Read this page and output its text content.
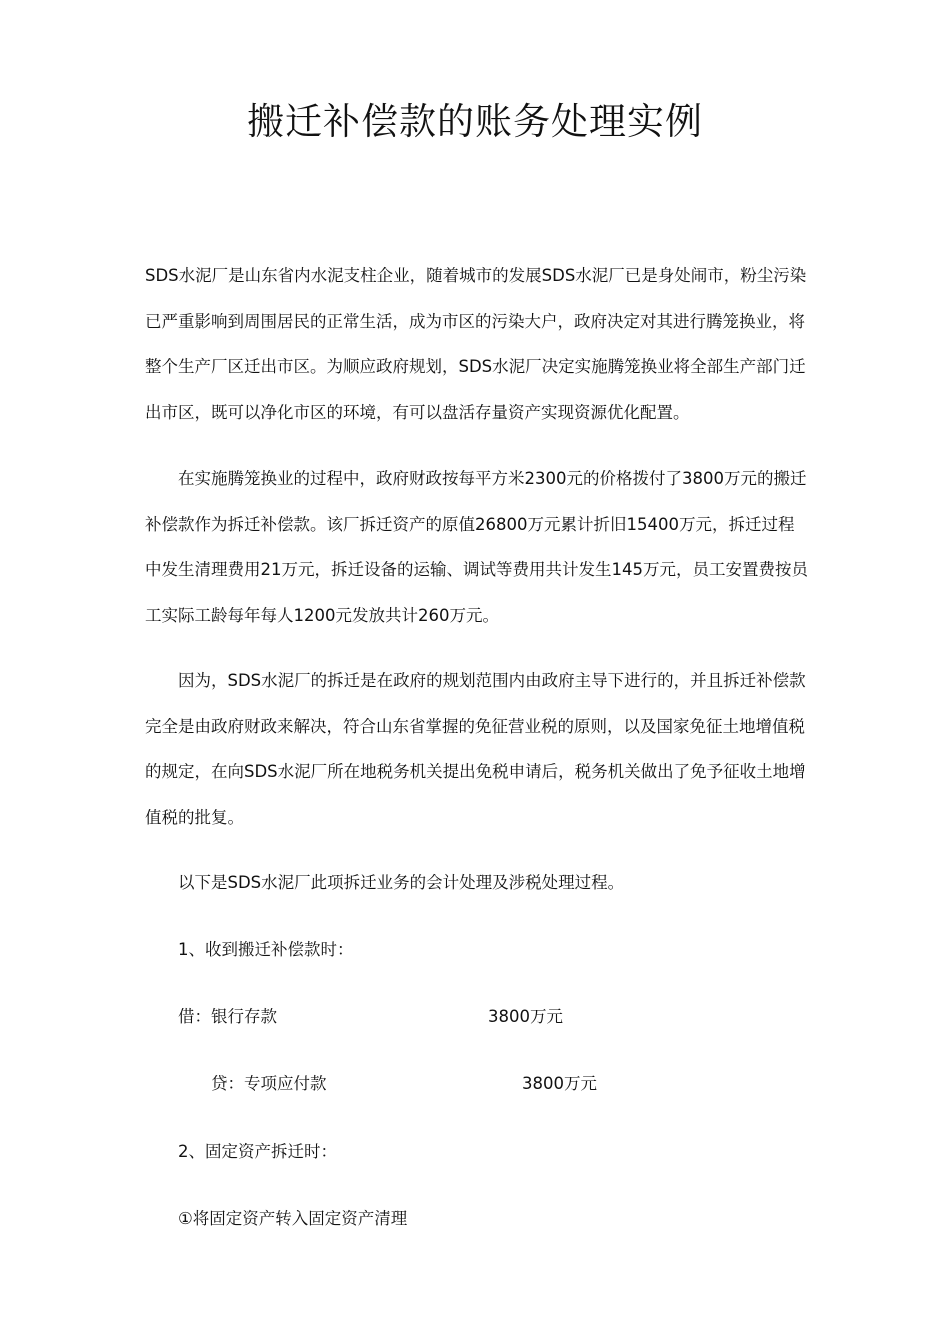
搬迁补偿款的账务处理实例

SDS水泥厂是山东省内水泥支柱企业，随着城市的发展SDS水泥厂已是身处闹市，粉尘污染已严重影响到周围居民的正常生活，成为市区的污染大户，政府决定对其进行腾笼换业，将整个生产厂区迁出市区。为顺应政府规划，SDS水泥厂决定实施腾笼换业将全部生产部门迁出市区，既可以净化市区的环境，有可以盘活存量资产实现资源优化配置。

在实施腾笼换业的过程中，政府财政按每平方米2300元的价格拨付了3800万元的搬迁补偿款作为拆迁补偿款。该厂拆迁资产的原值26800万元累计折旧15400万元，拆迁过程中发生清理费用21万元，拆迁设备的运输、调试等费用共计发生145万元，员工安置费按员工实际工龄每年每人1200元发放共计260万元。

因为，SDS水泥厂的拆迁是在政府的规划范围内由政府主导下进行的，并且拆迁补偿款完全是由政府财政来解决，符合山东省掌握的免征营业税的原则，以及国家免征土地增值税的规定，在向SDS水泥厂所在地税务机关提出免税申请后，税务机关做出了免予征收土地增值税的批复。

以下是SDS水泥厂此项拆迁业务的会计处理及涉税处理过程。

1、收到搬迁补偿款时：

借：银行存款	3800万元

贷：专项应付款	3800万元

2、固定资产拆迁时：

①将固定资产转入固定资产清理
